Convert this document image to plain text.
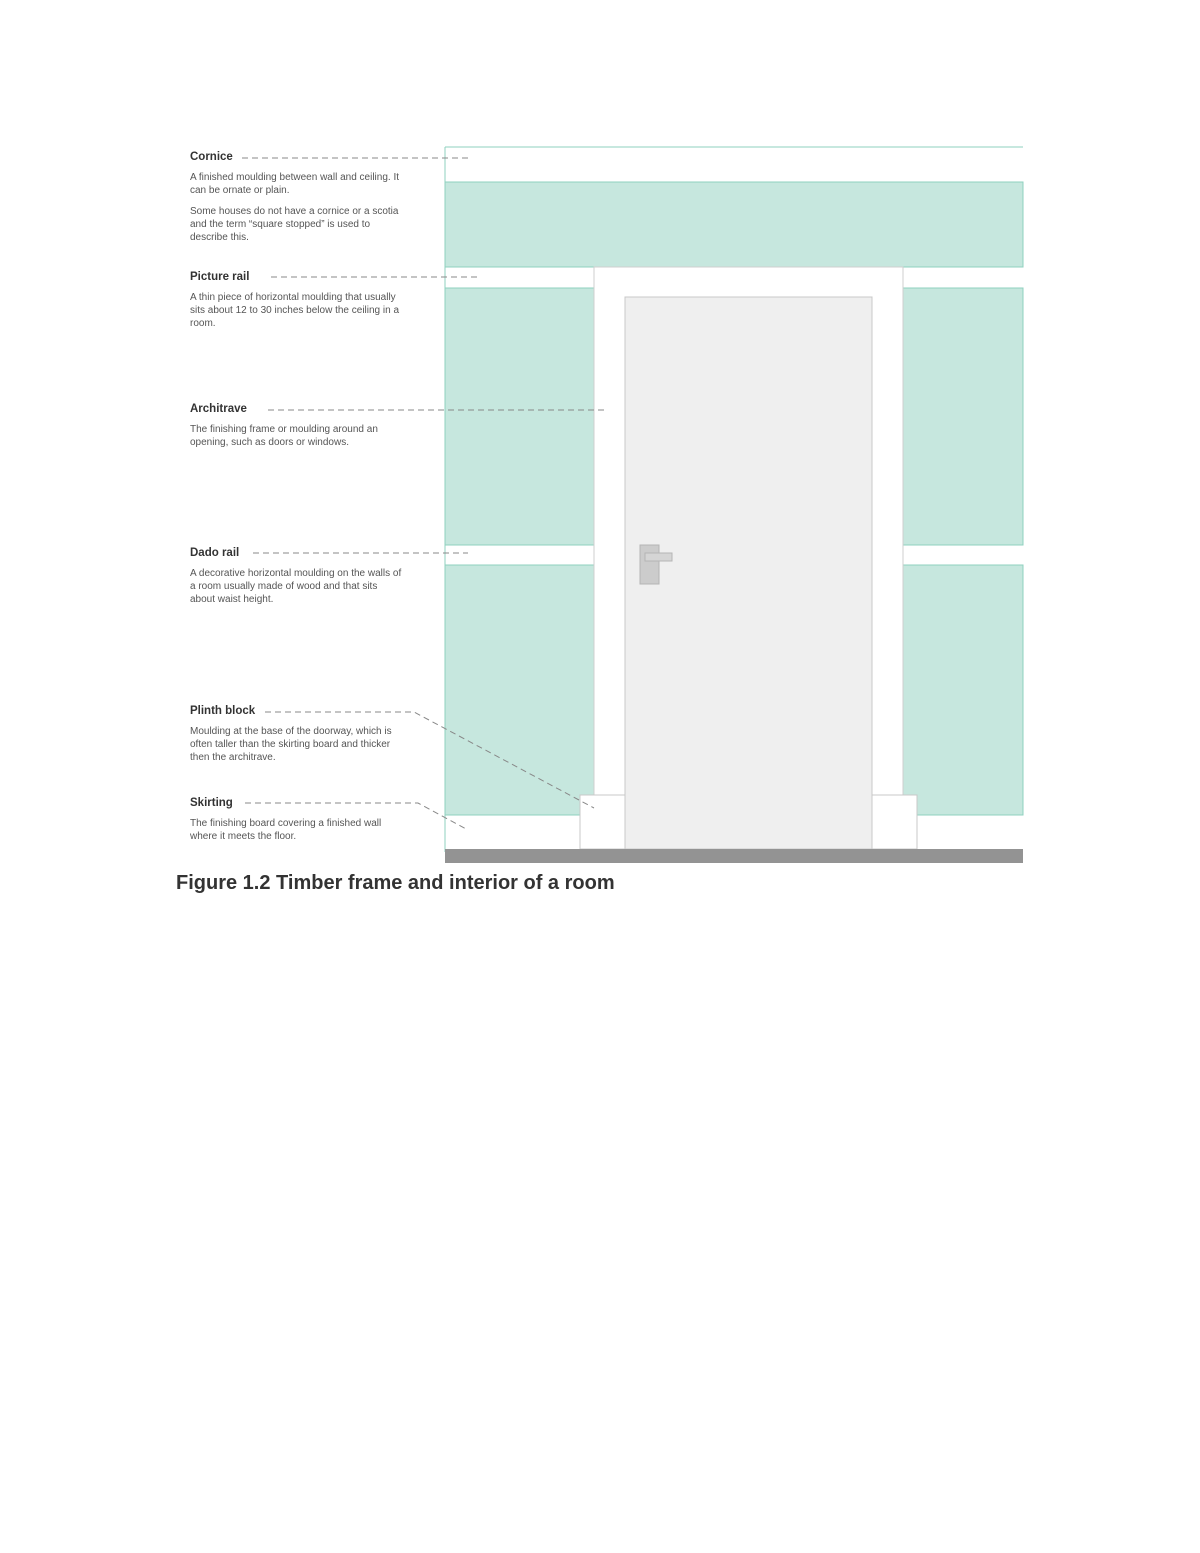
Cornice
A finished moulding between wall and ceiling. It can be ornate or plain.
Some houses do not have a cornice or a scotia and the term “square stopped” is used to describe this.
Picture rail
A thin piece of horizontal moulding that usually sits about 12 to 30 inches below the ceiling in a room.
Architrave
The finishing frame or moulding around an opening, such as doors or windows.
Dado rail
A decorative horizontal moulding on the walls of a room usually made of wood and that sits about waist height.
Plinth block
Moulding at the base of the doorway, which is often taller than the skirting board and thicker then the architrave.
Skirting
The finishing board covering a finished wall where it meets the floor.

Figure 1.2 Timber frame and interior of a room
